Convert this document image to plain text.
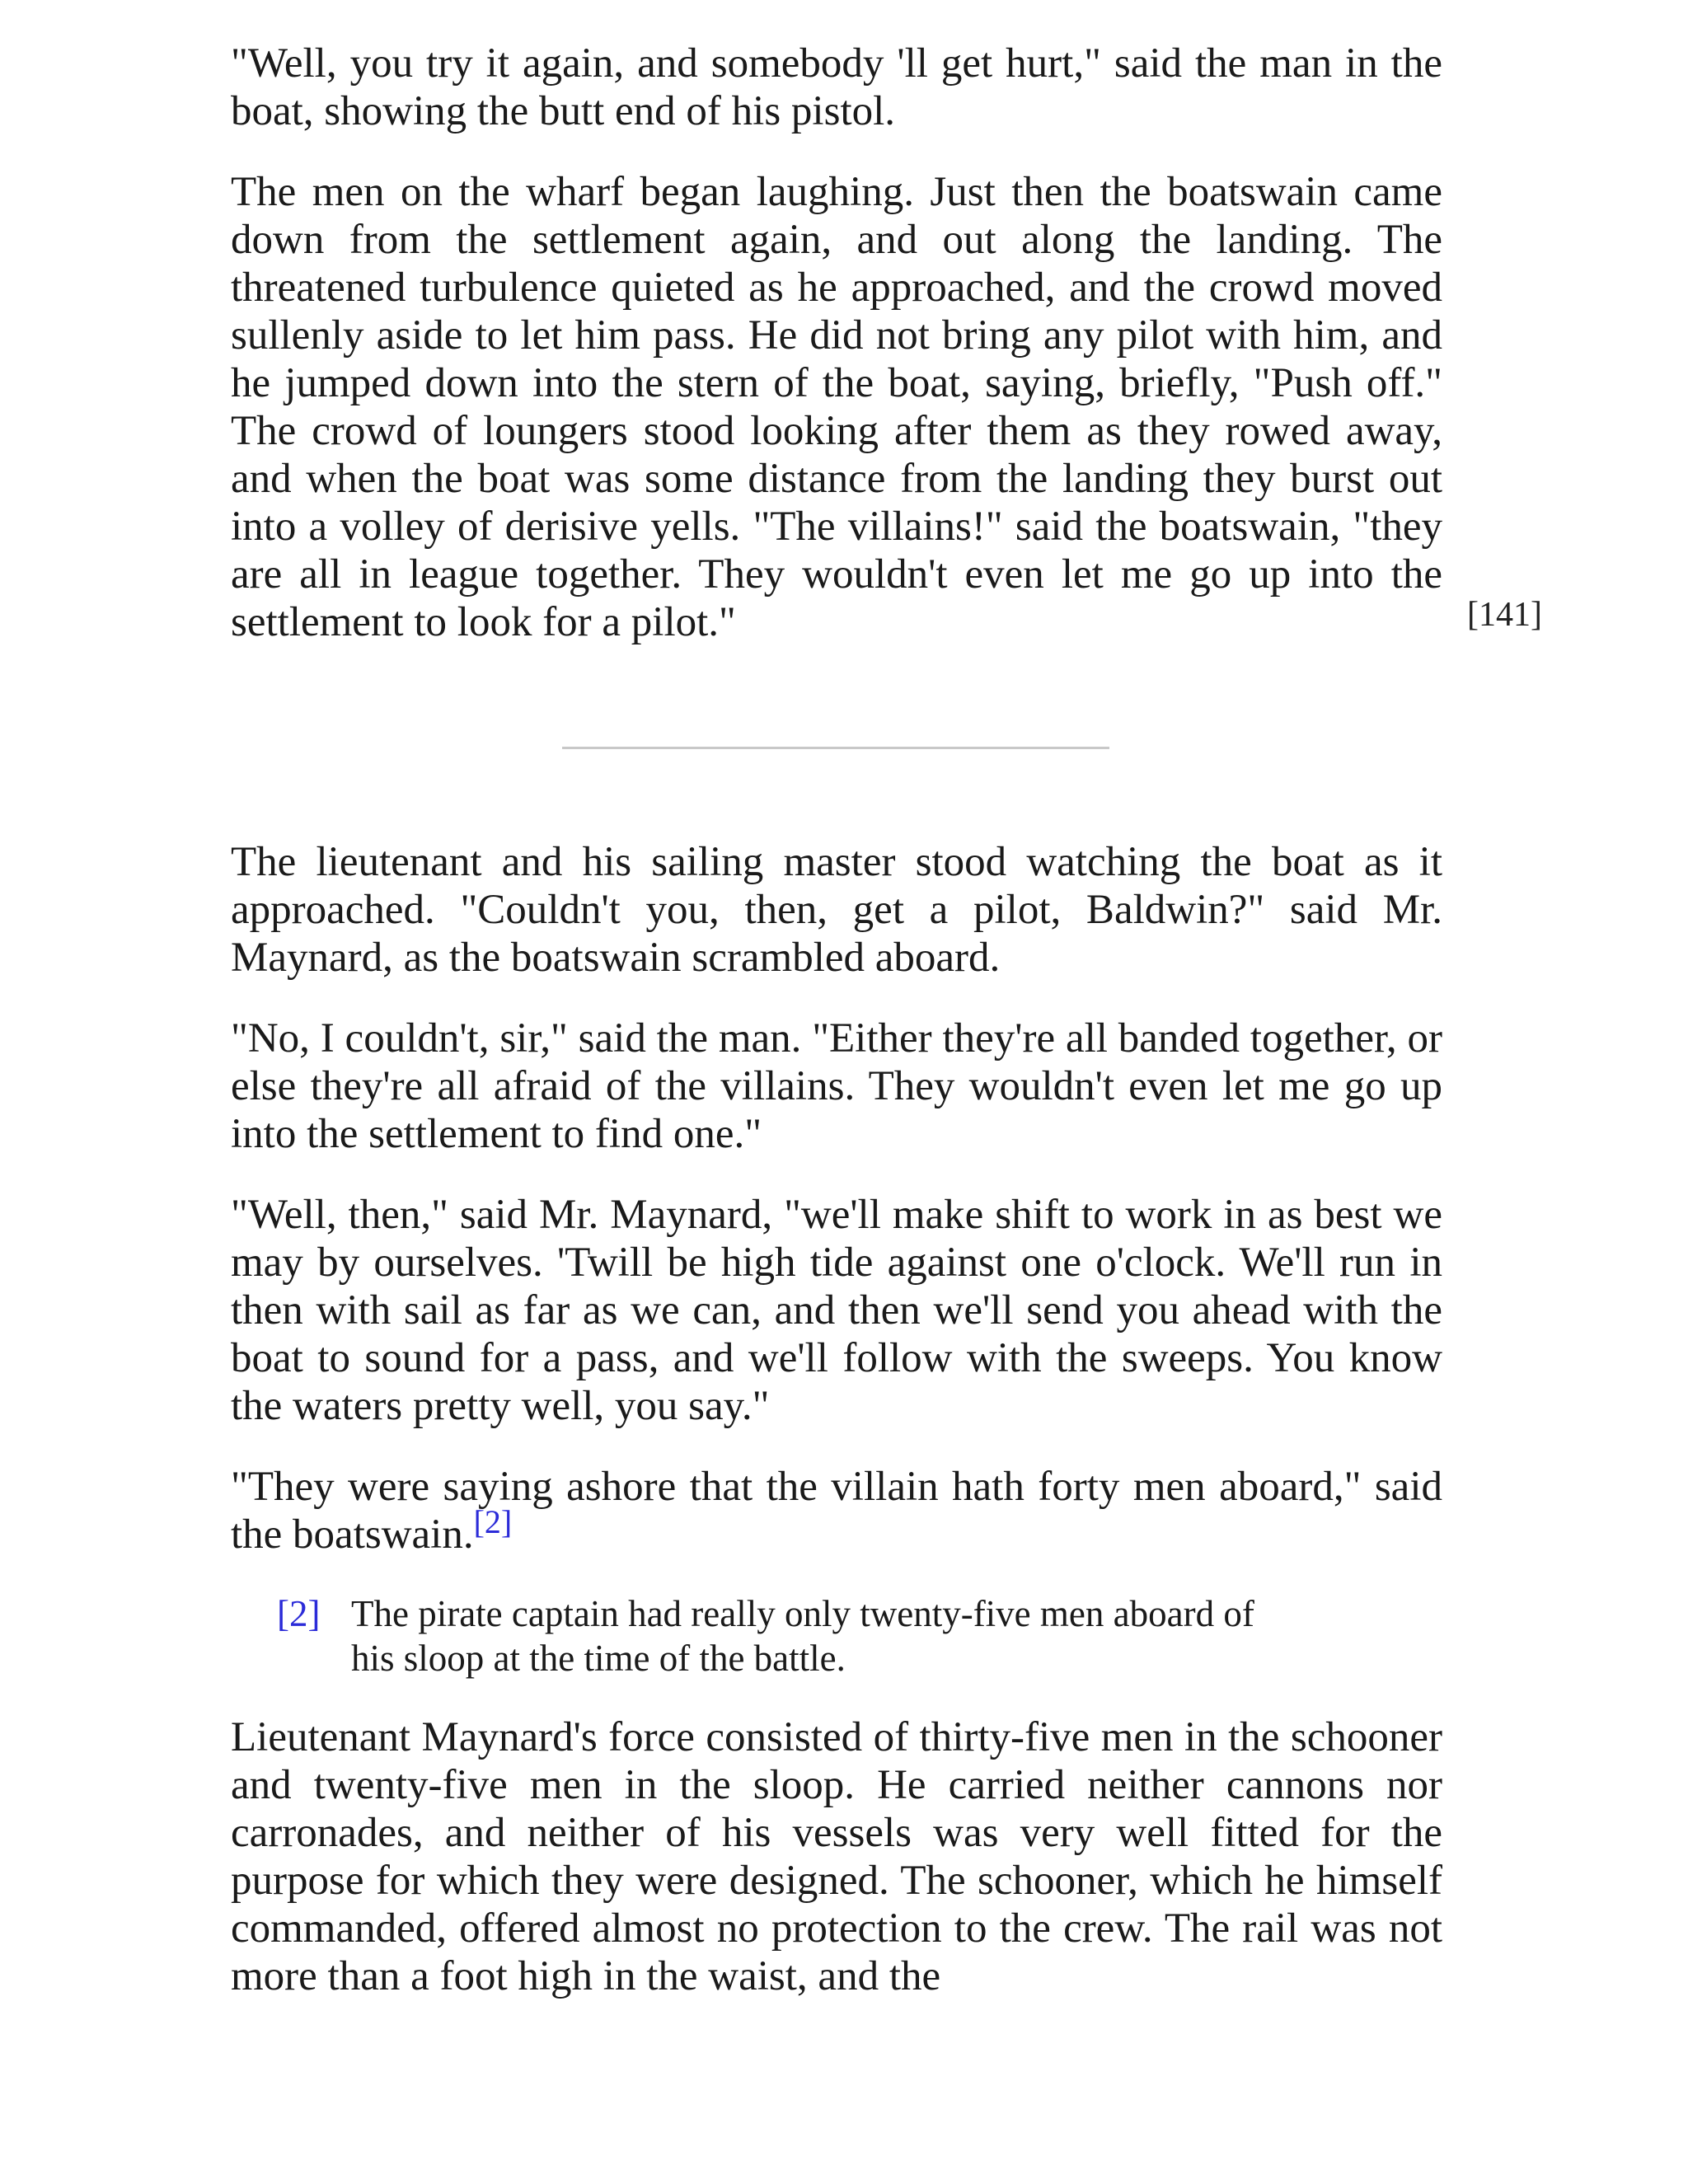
"Well, you try it again, and somebody 'll get hurt," said the man in the boat, showing the butt end of his pistol.

The men on the wharf began laughing. Just then the boatswain came down from the settlement again, and out along the landing. The threatened turbulence quieted as he approached, and the crowd moved sullenly aside to let him pass. He did not bring any pilot with him, and he jumped down into the stern of the boat, saying, briefly, "Push off." The crowd of loungers stood looking after them as they rowed away, and when the boat was some distance from the landing they burst out into a volley of derisive yells. "The villains!" said the boatswain, "they are all in league together. They wouldn't even let me go up into the settlement to look for a pilot."

The lieutenant and his sailing master stood watching the boat as it approached. "Couldn't you, then, get a pilot, Baldwin?" said Mr. Maynard, as the boatswain scrambled aboard.

"No, I couldn't, sir," said the man. "Either they're all banded together, or else they're all afraid of the villains. They wouldn't even let me go up into the settlement to find one."

"Well, then," said Mr. Maynard, "we'll make shift to work in as best we may by ourselves. 'Twill be high tide against one o'clock. We'll run in then with sail as far as we can, and then we'll send you ahead with the boat to sound for a pass, and we'll follow with the sweeps. You know the waters pretty well, you say."

"They were saying ashore that the villain hath forty men aboard," said the boatswain.[2]

[2] The pirate captain had really only twenty-five men aboard of his sloop at the time of the battle.

Lieutenant Maynard's force consisted of thirty-five men in the schooner and twenty-five men in the sloop. He carried neither cannons nor carronades, and neither of his vessels was very well fitted for the purpose for which they were designed. The schooner, which he himself commanded, offered almost no protection to the crew. The rail was not more than a foot high in the waist, and the

[141]
